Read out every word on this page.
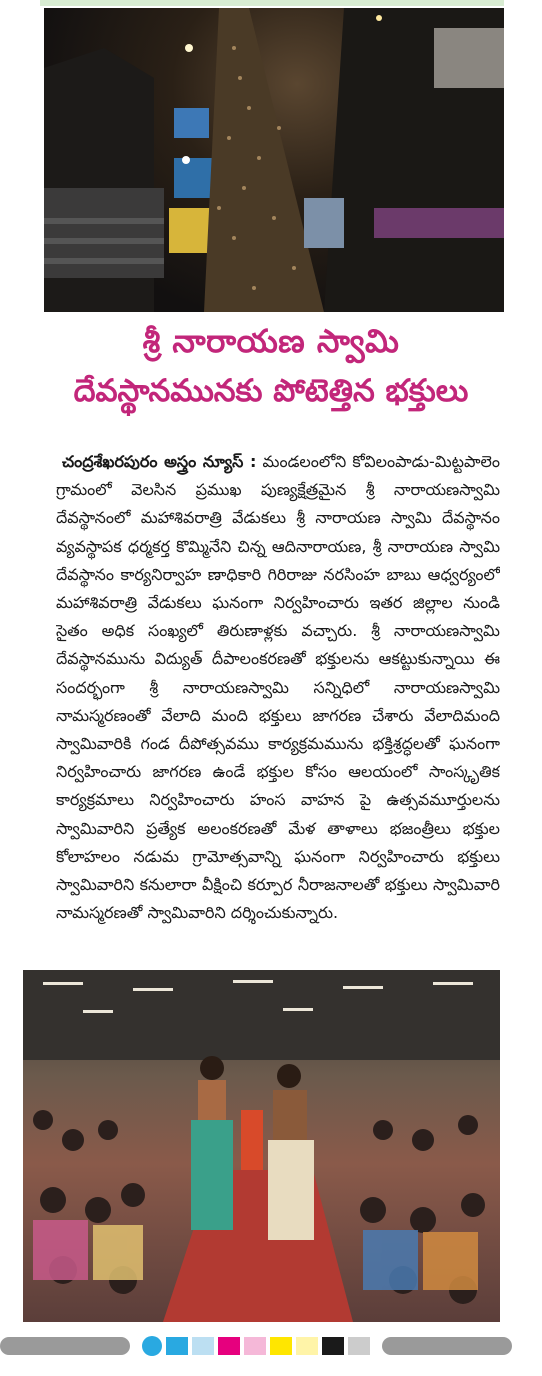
శ్రీ నారాయణ స్వామి
దేవస్థానమునకు పోటెత్తిన భక్తులు
చంద్రశేఖరపురం అస్త్రం న్యూస్ : మండలంలోని కోవిలంపాడు-మిట్టపాలెం గ్రామంలో వెలసిన ప్రముఖ పుణ్యక్షేత్రమైన శ్రీ నారాయణస్వామి దేవస్థానంలో మహాశివరాత్రి వేడుకలు శ్రీ నారాయణ స్వామి దేవస్థానం వ్యవస్థాపక ధర్మకర్త కొమ్మినేని చిన్న ఆదినారాయణ, శ్రీ నారాయణ స్వామి దేవస్థానం కార్యనిర్వాహ ణాధికారి గిరిరాజు నరసింహ బాబు ఆధ్వర్యంలో మహాశివరాత్రి వేడుకలు ఘనంగా నిర్వహించారు ఇతర జిల్లాల నుండి సైతం అధిక సంఖ్యలో తిరుణాళ్లకు వచ్చారు. శ్రీ నారాయణస్వామి దేవస్థానమును విద్యుత్ దీపాలంకరణతో భక్తులను ఆకట్టుకున్నాయి ఈ సందర్భంగా శ్రీ నారాయణస్వామి సన్నిధిలో నారాయణస్వామి నామస్మరణంతో వేలాది మంది భక్తులు జాగరణ చేశారు వేలాదిమంది స్వామివారికి గండ దీపోత్సవము కార్యక్రమమును భక్తిశ్రద్ధలతో ఘనంగా నిర్వహించారు జాగరణ ఉండే భక్తుల కోసం ఆలయంలో సాంస్కృతిక కార్యక్రమాలు నిర్వహించారు హంస వాహన పై ఉత్సవమూర్తులను స్వామివారిని ప్రత్యేక అలంకరణతో మేళ తాళాలు భజంత్రీలు భక్తుల కోలాహలం నడుమ గ్రామోత్సవాన్ని ఘనంగా నిర్వహించారు భక్తులు స్వామివారిని కనులారా వీక్షించి కర్పూర నీరాజనాలతో భక్తులు స్వామివారి నామస్మరణతో స్వామివారిని దర్శించుకున్నారు.
